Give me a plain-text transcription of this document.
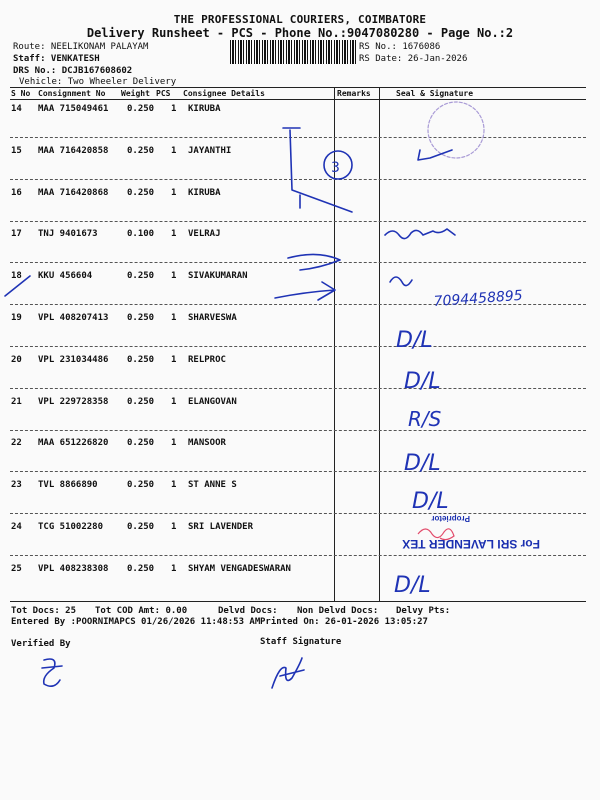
THE PROFESSIONAL COURIERS, COIMBATORE
Delivery Runsheet - PCS - Phone No.:9047080280 - Page No.:2
Route: NEELIKONAM PALAYAM
Staff: VENKATESH
DRS No.: DCJB167608602
Vehicle: Two Wheeler Delivery
RS No.: 1676086
RS Date: 26-Jan-2026
S No Consignment No Weight PCS Consignee Details	Remarks	Seal & Signature
14 MAA 715049461 0.250 1 KIRUBA
15 MAA 716420858 0.250 1 JAYANTHI
16 MAA 716420868 0.250 1 KIRUBA
17 TNJ 9401673	0.100 1 VELRAJ
18 KKU 456604	0.250 1 SIVAKUMARAN
19 VPL 408207413 0.250 1 SHARVESWA
20 VPL 231034486 0.250 1 RELPROC
21 VPL 229728358 0.250 1 ELANGOVAN
22 MAA 651226820 0.250 1 MANSOOR
23 TVL 8866890	0.250 1 ST ANNE S
24 TCG 51002280	0.250 1 SRI LAVENDER
25 VPL 408238308 0.250 1 SHYAM VENGADESWARAN
Tot Docs: 25 Tot COD Amt: 0.00	Delvd Docs: Non Delvd Docs: Delvy Pts:
Entered By :POORNIMAPCS 01/26/2026 11:48:53 AM Printed On: 26-01-2026 13:05:27
Verified By	Staff Signature
3
7094458895
D/L
D/L
R/S
D/L
D/L
D/L
For SRI LAVENDER TEX
Proprietor
